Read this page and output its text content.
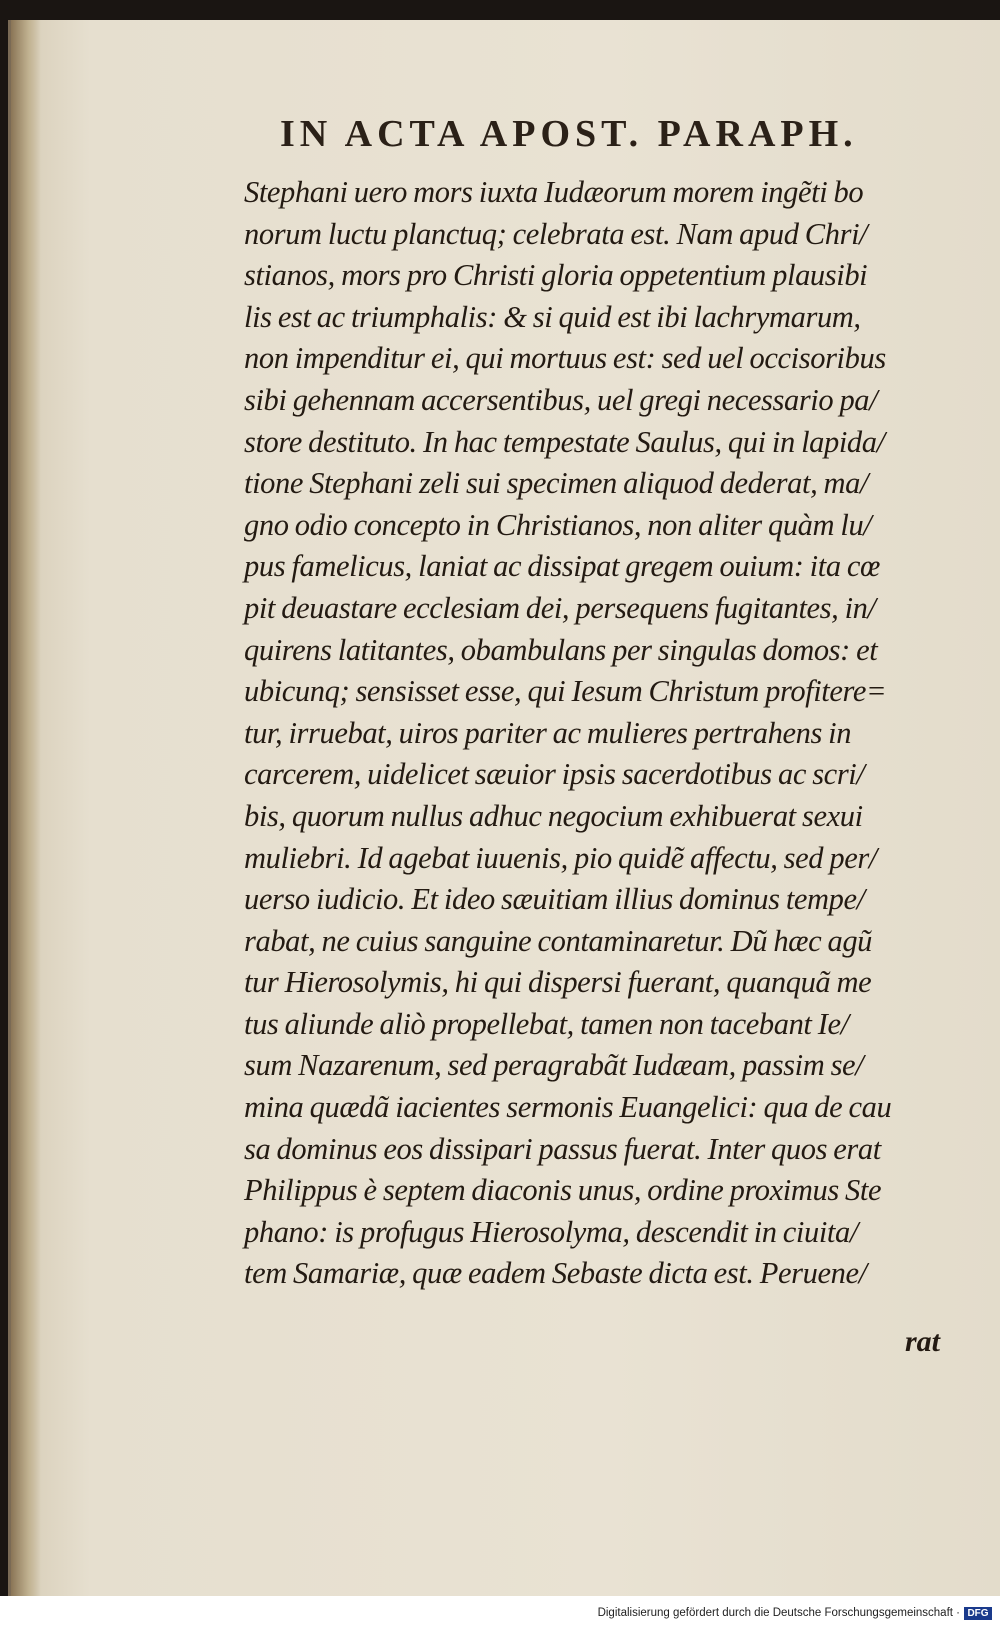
IN ACTA APOST. PARAPH.
Stephani uero mors iuxta Iudæorum morem ingẽti bo
norum luctu planctuq; celebrata est. Nam apud Chri/
stianos, mors pro Christi gloria oppetentium plausibi
lis est ac triumphalis: & si quid est ibi lachrymarum,
non impenditur ei, qui mortuus est: sed uel occisoribus
sibi gehennam accersentibus, uel gregi necessario pa/
store destituto. In hac tempestate Saulus, qui in lapida/
tione Stephani zeli sui specimen aliquod dederat, ma/
gno odio concepto in Christianos, non aliter quàm lu/
pus famelicus, laniat ac dissipat gregem ouium: ita cœ
pit deuastare ecclesiam dei, persequens fugitantes, in/
quirens latitantes, obambulans per singulas domos: et
ubicunq; sensisset esse, qui Iesum Christum profitere=
tur, irruebat, uiros pariter ac mulieres pertrahens in
carcerem, uidelicet sæuior ipsis sacerdotibus ac scri/
bis, quorum nullus adhuc negocium exhibuerat sexui
muliebri. Id agebat iuuenis, pio quidẽ affectu, sed per/
uerso iudicio. Et ideo sæuitiam illius dominus tempe/
rabat, ne cuius sanguine contaminaretur. Dũ hæc agũ
tur Hierosolymis, hi qui dispersi fuerant, quanquã me
tus aliunde aliò propellebat, tamen non tacebant Ie/
sum Nazarenum, sed peragrabãt Iudæam, passim se/
mina quædã iacientes sermonis Euangelici: qua de cau
sa dominus eos dissipari passus fuerat. Inter quos erat
Philippus è septem diaconis unus, ordine proximus Ste
phano: is profugus Hierosolyma, descendit in ciuita/
tem Samariæ, quæ eadem Sebaste dicta est. Peruene/
rat
Digitalisierung gefördert durch die Deutsche Forschungsgemeinschaft · DFG
